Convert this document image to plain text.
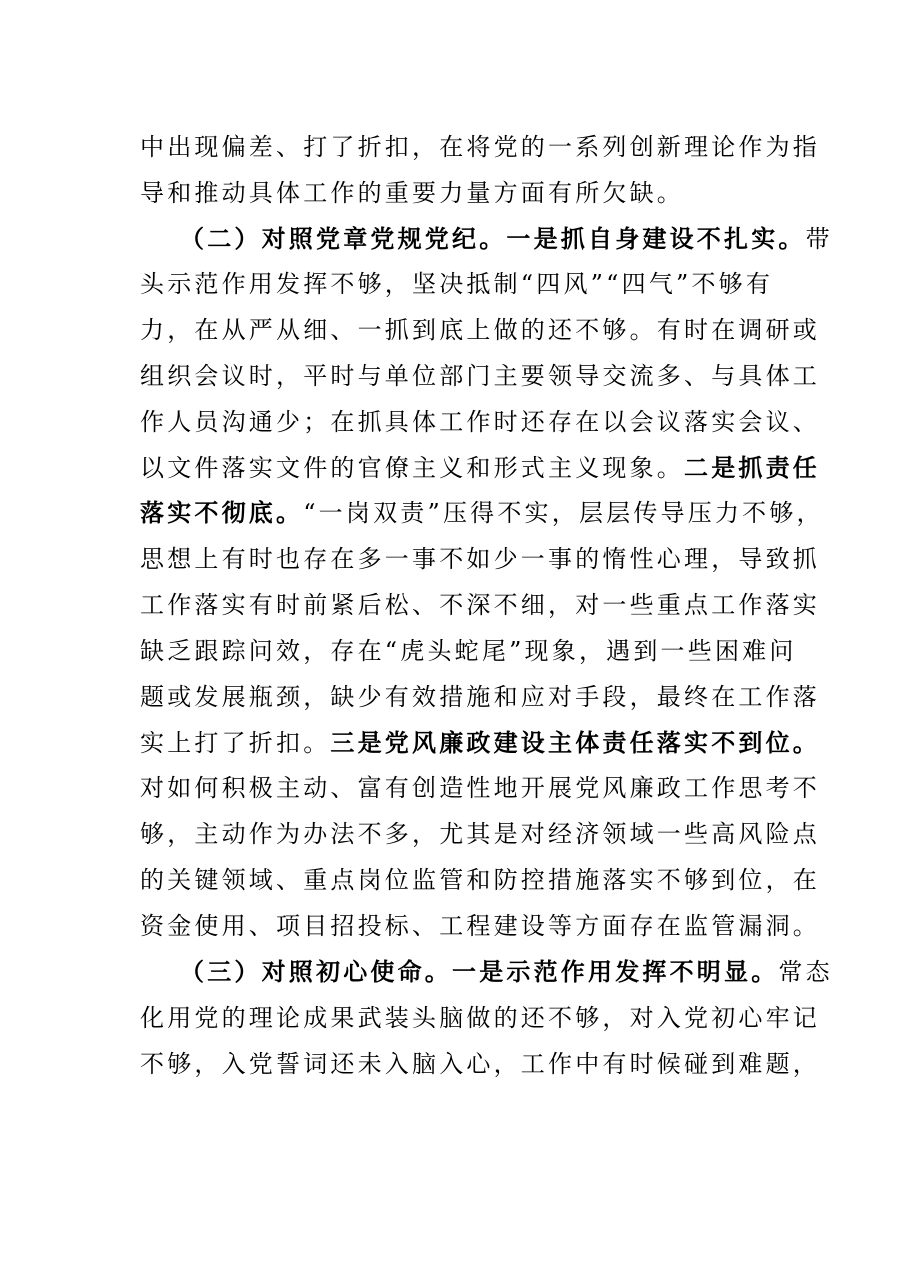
中出现偏差、打了折扣，在将党的一系列创新理论作为指
导和推动具体工作的重要力量方面有所欠缺。
（二）对照党章党规党纪。一是抓自身建设不扎实。带
头示范作用发挥不够，坚决抵制“四风”“四气”不够有
力，在从严从细、一抓到底上做的还不够。有时在调研或
组织会议时，平时与单位部门主要领导交流多、与具体工
作人员沟通少；在抓具体工作时还存在以会议落实会议、
以文件落实文件的官僚主义和形式主义现象。二是抓责任
落实不彻底。“一岗双责”压得不实，层层传导压力不够，
思想上有时也存在多一事不如少一事的惰性心理，导致抓
工作落实有时前紧后松、不深不细，对一些重点工作落实
缺乏跟踪问效，存在“虎头蛇尾”现象，遇到一些困难问
题或发展瓶颈，缺少有效措施和应对手段，最终在工作落
实上打了折扣。三是党风廉政建设主体责任落实不到位。
对如何积极主动、富有创造性地开展党风廉政工作思考不
够，主动作为办法不多，尤其是对经济领域一些高风险点
的关键领域、重点岗位监管和防控措施落实不够到位，在
资金使用、项目招投标、工程建设等方面存在监管漏洞。
（三）对照初心使命。一是示范作用发挥不明显。常态
化用党的理论成果武装头脑做的还不够，对入党初心牢记
不够，入党誓词还未入脑入心，工作中有时候碰到难题，
